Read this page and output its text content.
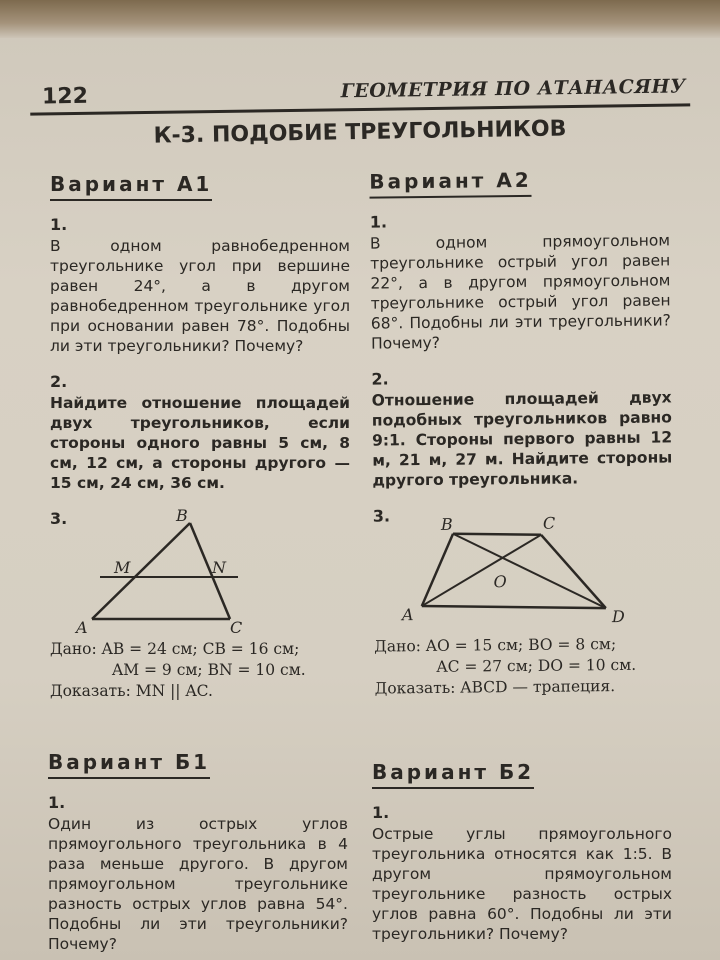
122	ГЕОМЕТРИЯ ПО АТАНАСЯНУ
К-3. ПОДОБИЕ ТРЕУГОЛЬНИКОВ
Вариант А1
1.

В одном равнобедренном треугольнике угол при вершине равен 24°, а в другом равнобедренном треугольнике угол при основании равен 78°. Подобны ли эти треугольники? Почему?

2.

Найдите отношение площадей двух треугольников, если стороны одного равны 5 см, 8 см, 12 см, а стороны другого — 15 см, 24 см, 36 см.

3.	B
M	N
A	C

Дано: AB = 24 см; CB = 16 см;
AM = 9 см; BN = 10 см.
Доказать: MN || AC.

Вариант А2
1.

В одном прямоугольном треугольнике острый угол равен 22°, а в другом прямоугольном треугольнике острый угол равен 68°. Подобны ли эти треугольники? Почему?

2.

Отношение площадей двух подобных треугольников равно 9:1. Стороны первого равны 12 м, 21 м, 27 м. Найдите стороны другого треугольника.

3.	B	C
O
A	D

Дано: AO = 15 см; BO = 8 см;
AC = 27 см; DO = 10 см.
Доказать: ABCD — трапеция.

Вариант Б1
1.

Один из острых углов прямоугольного треугольника в 4 раза меньше другого. В другом прямоугольном треугольнике разность острых углов равна 54°. Подобны ли эти треугольники? Почему?

Вариант Б2
1.

Острые углы прямоугольного треугольника относятся как 1:5. В другом прямоугольном треугольнике разность острых углов равна 60°. Подобны ли эти треугольники? Почему?
